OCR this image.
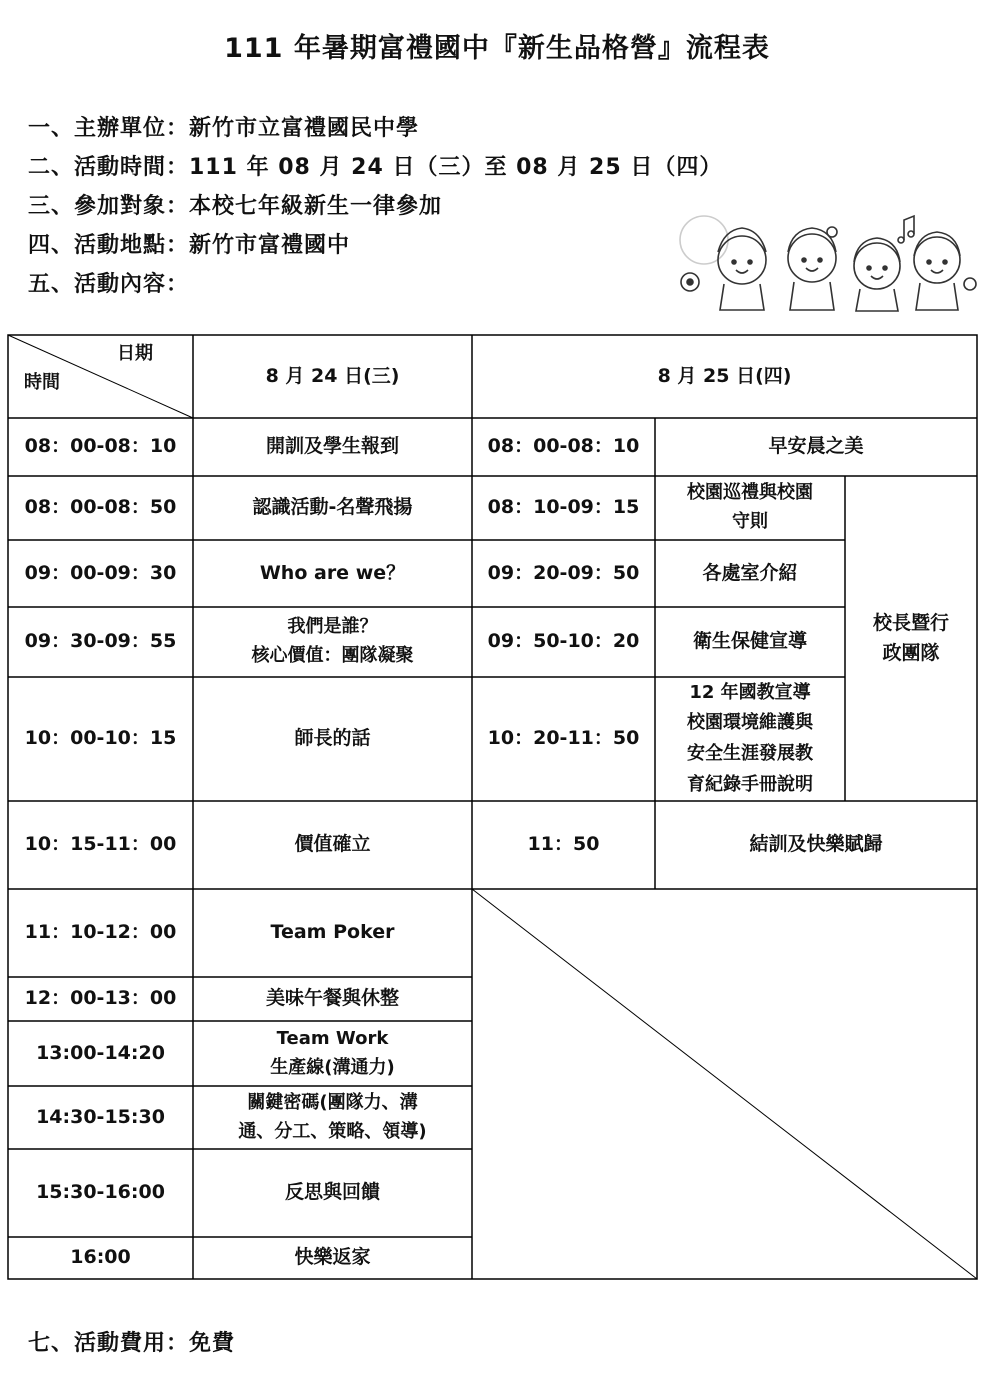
111 年暑期富禮國中『新生品格營』流程表
一、主辦單位：新竹市立富禮國民中學
二、活動時間：111 年 08 月 24 日（三）至 08 月 25 日（四）
三、參加對象：本校七年級新生一律參加
四、活動地點：新竹市富禮國中
五、活動內容：
日期
時間	8 月 24 日(三)	8 月 25 日(四)
08：00-08：10
08：00-08：50
09：00-09：30
09：30-09：55
10：00-10：15
10：15-11：00
11：10-12：00
12：00-13：00
13:00-14:20
14:30-15:30
15:30-16:00
16:00
開訓及學生報到
認識活動-名聲飛揚
Who are we？
我們是誰？
核心價值：團隊凝聚
師長的話
價值確立
Team Poker
美味午餐與休整
Team Work
生產線(溝通力)
關鍵密碼(團隊力、溝
通、分工、策略、領導)
反思與回饋
快樂返家
08：00-08：10
08：10-09：15
09：20-09：50
09：50-10：20
10：20-11：50
11：50
早安晨之美
校園巡禮與校園
守則
各處室介紹
衛生保健宣導
12 年國教宣導
校園環境維護與
安全生涯發展教
育紀錄手冊說明
結訓及快樂賦歸
校長暨行
政團隊
七、活動費用：免費
